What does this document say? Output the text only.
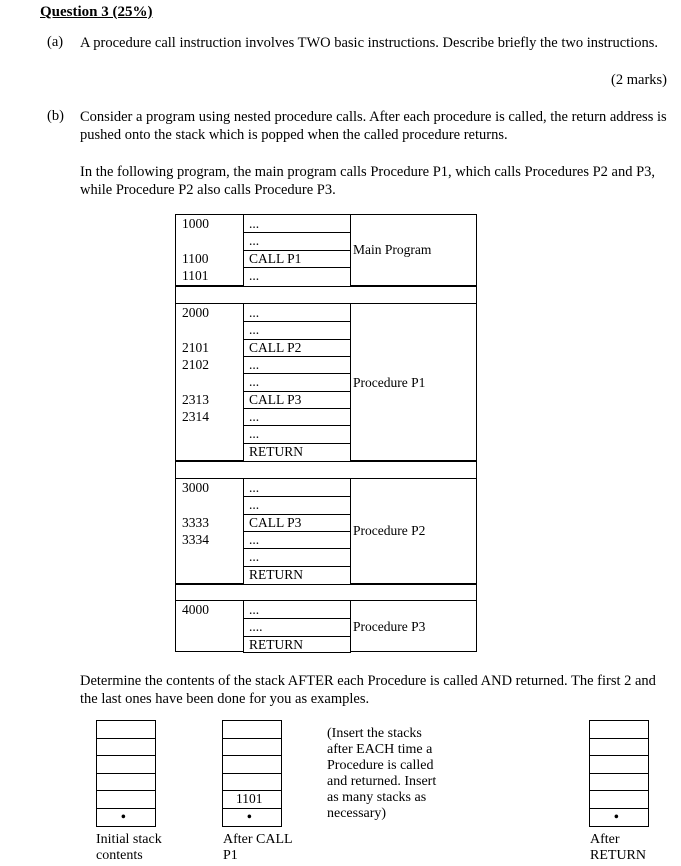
Question 3 (25%)
(a) A procedure call instruction involves TWO basic instructions. Describe briefly the two instructions.
(2 marks)
(b) Consider a program using nested procedure calls. After each procedure is called, the return address is pushed onto the stack which is popped when the called procedure returns.
In the following program, the main program calls Procedure P1, which calls Procedures P2 and P3, while Procedure P2 also calls Procedure P3.
1000	...
...
1100	CALL P1
1101	...
Main Program
2000	...
...
2101	CALL P2
2102	...
...
2313	CALL P3
2314	...
...
RETURN
Procedure P1
3000	...
...
3333	CALL P3
3334	...
...
RETURN
Procedure P2
4000	...
....
RETURN
Procedure P3
Determine the contents of the stack AFTER each Procedure is called AND returned. The first 2 and the last ones have been done for you as examples.
•
1101
•	•
Initial stack
contents
After CALL
P1
After
RETURN
(Insert the stacks
after EACH time a
Procedure is called
and returned. Insert
as many stacks as
necessary)
